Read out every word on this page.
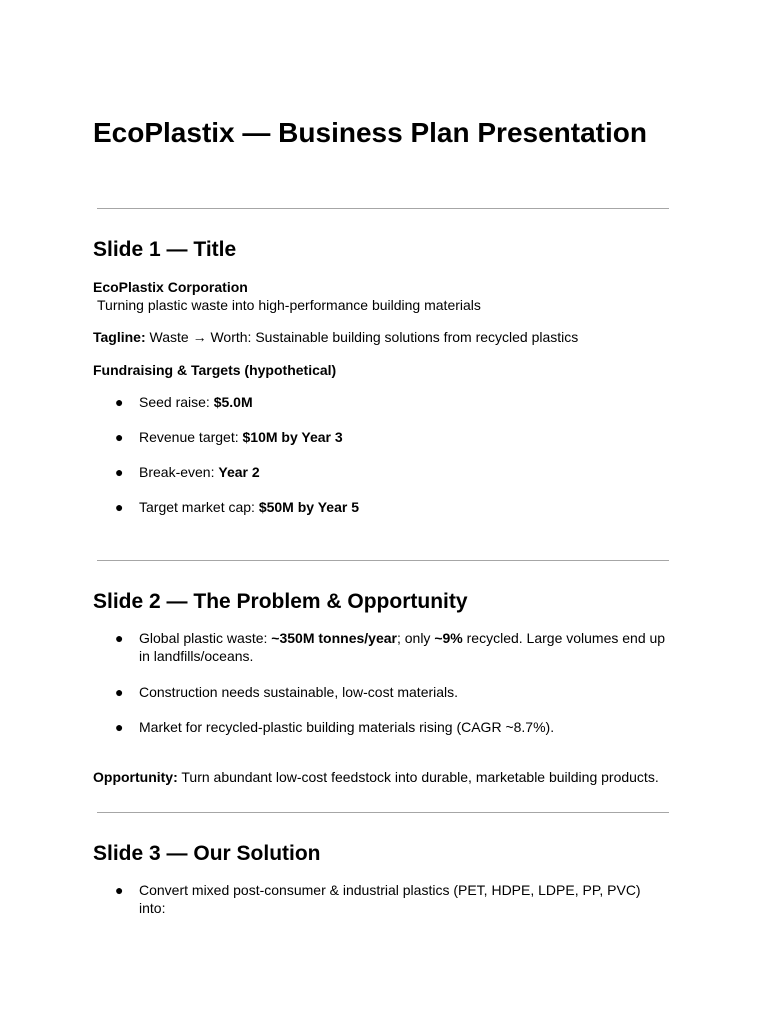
EcoPlastix — Business Plan Presentation
Slide 1 — Title

EcoPlastix Corporation

Turning plastic waste into high-performance building materials

Tagline: Waste → Worth: Sustainable building solutions from recycled plastics

Fundraising & Targets (hypothetical)

● Seed raise: $5.0M

● Revenue target: $10M by Year 3

● Break-even: Year 2

● Target market cap: $50M by Year 5

Slide 2 — The Problem & Opportunity
● Global plastic waste: ~350M tonnes/year; only ~9% recycled. Large volumes end up in landfills/oceans.

● Construction needs sustainable, low-cost materials.

● Market for recycled-plastic building materials rising (CAGR ~8.7%).

Opportunity: Turn abundant low-cost feedstock into durable, marketable building products.

Slide 3 — Our Solution
● Convert mixed post-consumer & industrial plastics (PET, HDPE, LDPE, PP, PVC) into:
